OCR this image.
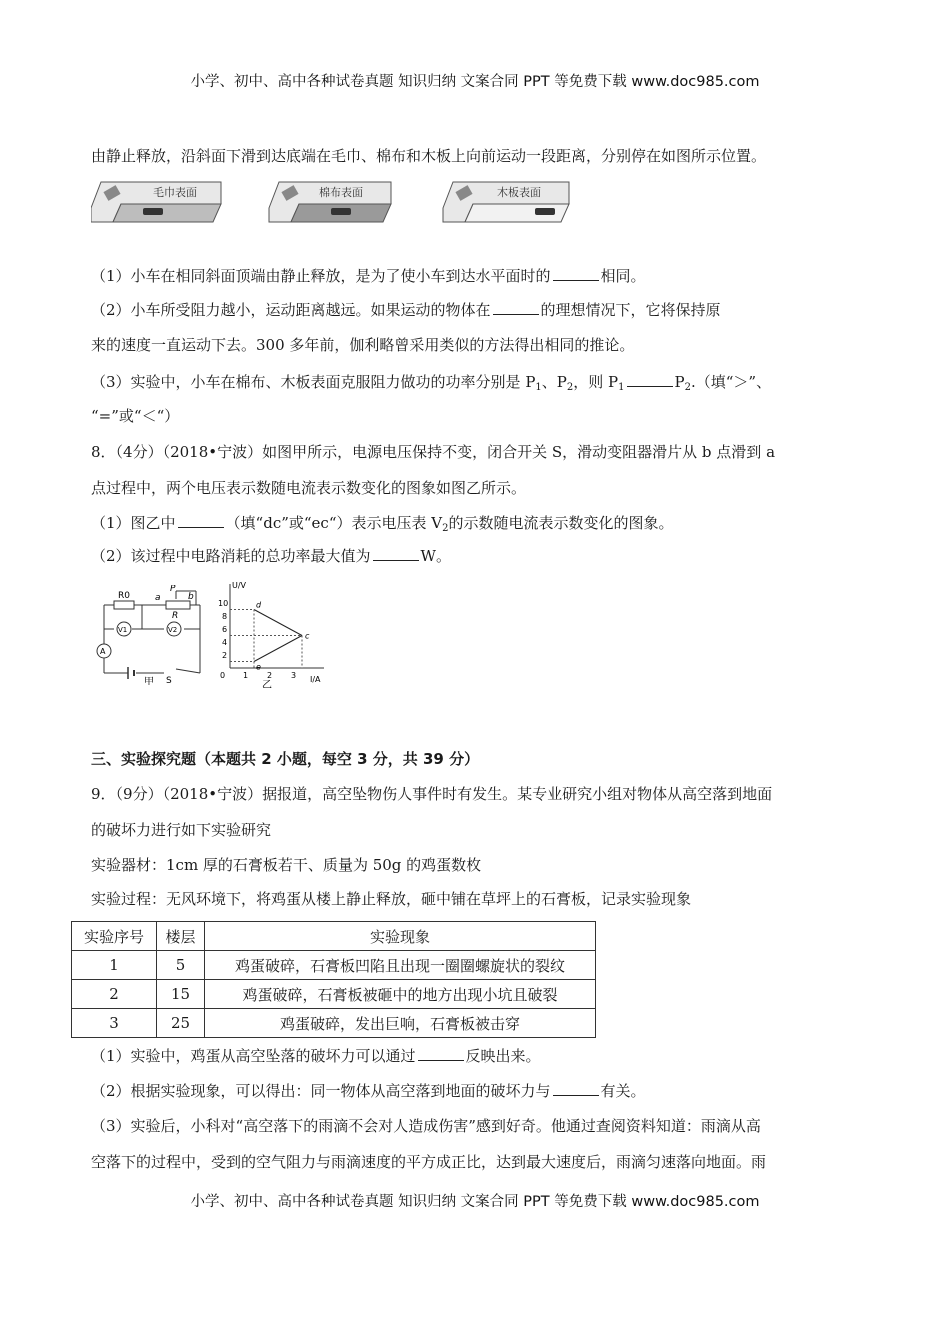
小学、初中、高中各种试卷真题 知识归纳 文案合同 PPT 等免费下载 www.doc985.com
由静止释放，沿斜面下滑到达底端在毛巾、棉布和木板上向前运动一段距离，分别停在如图所示位置。
毛巾表面	棉布表面	木板表面
（1）小车在相同斜面顶端由静止释放，是为了使小车到达水平面时的	相同。
（2）小车所受阻力越小，运动距离越远。如果运动的物体在	的理想情况下，它将保持原
来的速度一直运动下去。300 多年前，伽利略曾采用类似的方法得出相同的推论。
（3）实验中，小车在棉布、木板表面克服阻力做功的功率分别是 $P_1$、$P_2$，则 $P_1$	$P_2$.（填“＞”、
“=”或“＜“）
8．（4分）（2018•宁波）如图甲所示，电源电压保持不变，闭合开关 S，滑动变阻器滑片从 b 点滑到 a
点过程中，两个电压表示数随电流表示数变化的图象如图乙所示。
（1）图乙中	（填“dc”或“ec“）表示电压表 $V_2$的示数随电流表示数变化的图象。
（2）该过程中电路消耗的总功率最大值为	W。
R0	a	b
P
R
V1	V2
A
S
甲
U/V
I/A
10
8
6
4
2
0 1 2 3
乙
d
c
e
三、实验探究题（本题共 2 小题，每空 3 分，共 39 分）
9．（9分）（2018•宁波）据报道，高空坠物伤人事件时有发生。某专业研究小组对物体从高空落到地面
的破坏力进行如下实验研究
实验器材：1cm 厚的石膏板若干、质量为 50g 的鸡蛋数枚
实验过程：无风环境下，将鸡蛋从楼上静止释放，砸中铺在草坪上的石膏板，记录实验现象
实验序号	楼层	实验现象
1	5	鸡蛋破碎，石膏板凹陷且出现一圈圈螺旋状的裂纹
2	15	鸡蛋破碎，石膏板被砸中的地方出现小坑且破裂
3	25	鸡蛋破碎，发出巨响，石膏板被击穿
（1）实验中，鸡蛋从高空坠落的破坏力可以通过	反映出来。
（2）根据实验现象，可以得出：同一物体从高空落到地面的破坏力与	有关。
（3）实验后，小科对“高空落下的雨滴不会对人造成伤害”感到好奇。他通过查阅资料知道：雨滴从高
空落下的过程中，受到的空气阻力与雨滴速度的平方成正比，达到最大速度后，雨滴匀速落向地面。雨
小学、初中、高中各种试卷真题 知识归纳 文案合同 PPT 等免费下载 www.doc985.com
